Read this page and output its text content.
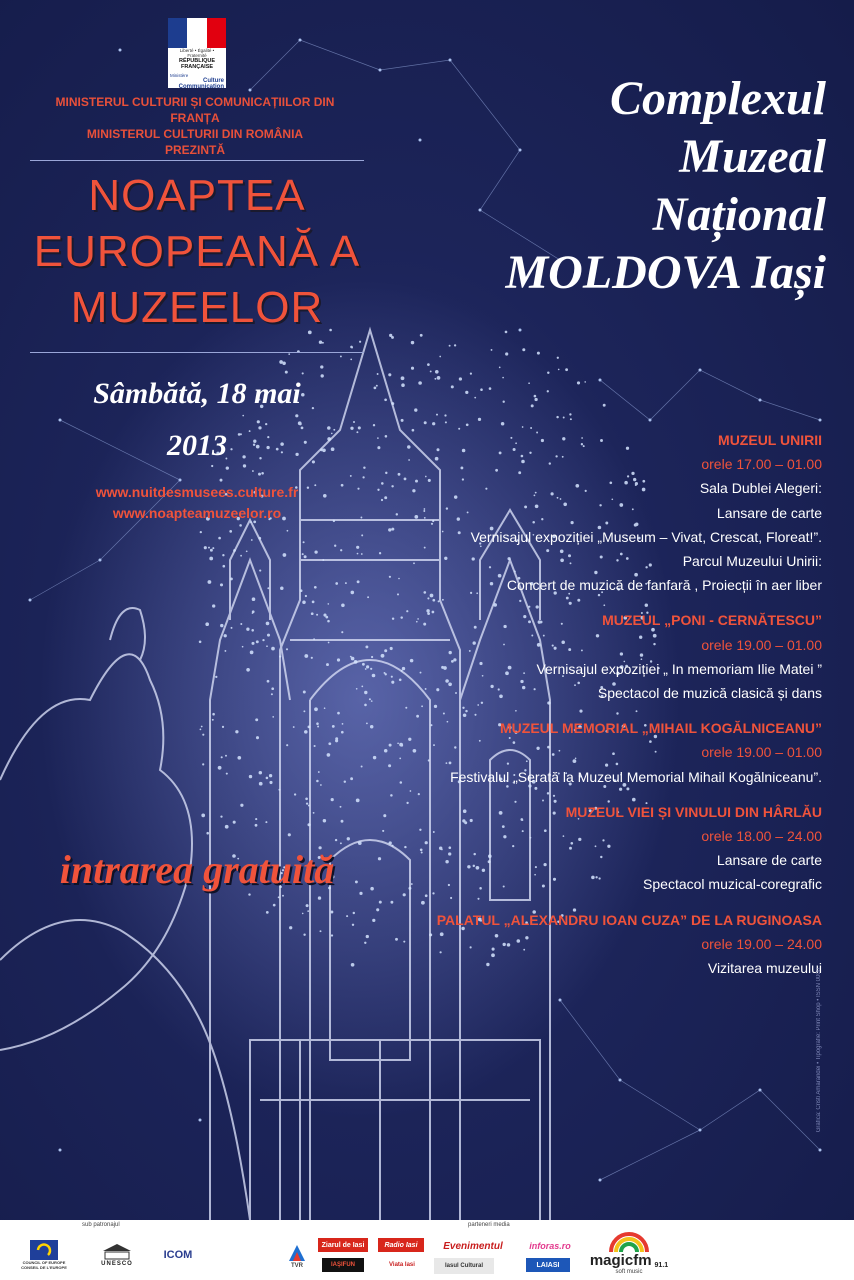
Liberté • Égalité • Fraternité
RÉPUBLIQUE FRANÇAISE
Ministère
Culture
Communication
MINISTERUL CULTURII ȘI COMUNICAȚIILOR DIN FRANȚA
MINISTERUL CULTURII DIN ROMÂNIA
PREZINTĂ
NOAPTEA
EUROPEANĂ A
MUZEELOR
Sâmbătă, 18 mai
2013
www.nuitdesmusees.culture.fr
www.noapteamuzeelor.ro
Complexul
Muzeal
Național
MOLDOVA Iași
intrarea gratuită
MUZEUL UNIRII
orele 17.00 – 01.00
Sala Dublei Alegeri:
Lansare de carte
Vernisajul expoziției „Museum – Vivat, Crescat, Floreat!”.
Parcul Muzeului Unirii:
Concert de muzică de fanfară , Proiecții în aer liber
MUZEUL „PONI - CERNĂTESCU”
orele 19.00 – 01.00
Vernisajul expoziției „ In memoriam Ilie Matei ”
Spectacol de muzică clasică și dans
MUZEUL MEMORIAL „MIHAIL KOGĂLNICEANU”
orele 19.00 – 01.00
Festivalul „Serată la Muzeul Memorial Mihail Kogălniceanu”.
MUZEUL VIEI ȘI VINULUI DIN HÂRLĂU
orele 18.00 – 24.00
Lansare de carte
Spectacol muzical-coregrafic
PALATUL „ALEXANDRU IOAN CUZA” DE LA RUGINOASA
orele 19.00 – 24.00
Vizitarea muzeului
Grafica: Cristi Amarandei • Tipografie: Print Shop • ISSN 0000
sub patronajul	parteneri media
COUNCIL OF EUROPE
CONSEIL DE L'EUROPE
UNESCO
ICOM
TVR
Ziarul de Iasi	Radio Iasi
IAŞIFUN
Evenimentul
Viata Iasi	Iasul Cultural
inforas.ro
LAIASI	magicfm 91.1
soft music
